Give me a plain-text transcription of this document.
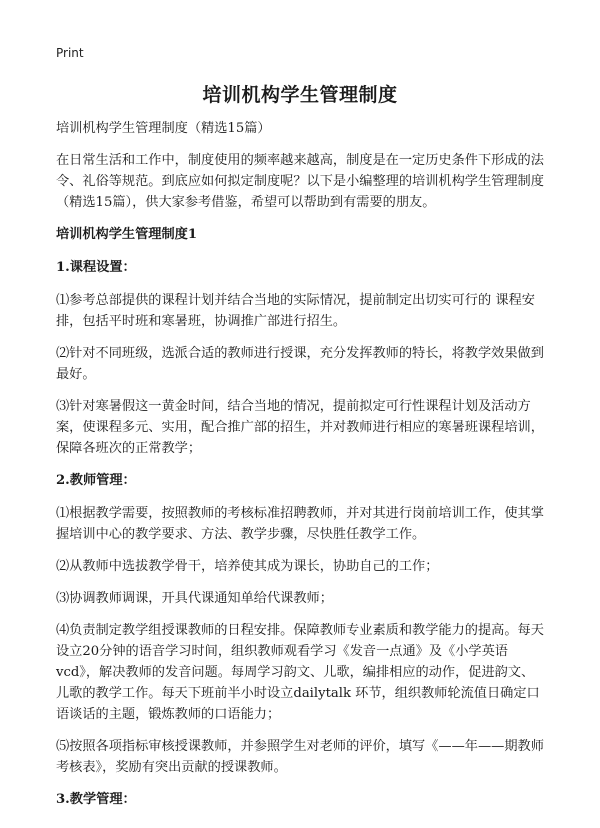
Print
培训机构学生管理制度

培训机构学生管理制度（精选15篇）

在日常生活和工作中，制度使用的频率越来越高，制度是在一定历史条件下形成的法令、礼俗等规范。到底应如何拟定制度呢？以下是小编整理的培训机构学生管理制度（精选15篇），供大家参考借鉴，希望可以帮助到有需要的朋友。

培训机构学生管理制度1

1.课程设置：

⑴参考总部提供的课程计划并结合当地的实际情况，提前制定出切实可行的 课程安排，包括平时班和寒暑班，协调推广部进行招生。

⑵针对不同班级，选派合适的教师进行授课，充分发挥教师的特长，将教学效果做到最好。

⑶针对寒暑假这一黄金时间，结合当地的情况，提前拟定可行性课程计划及活动方案，使课程多元、实用，配合推广部的招生，并对教师进行相应的寒暑班课程培训，保障各班次的正常教学；

2.教师管理：

⑴根据教学需要，按照教师的考核标准招聘教师，并对其进行岗前培训工作，使其掌握培训中心的教学要求、方法、教学步骤，尽快胜任教学工作。

⑵从教师中选拔教学骨干，培养使其成为课长，协助自己的工作；

⑶协调教师调课，开具代课通知单给代课教师；

⑷负责制定教学组授课教师的日程安排。保障教师专业素质和教学能力的提高。每天设立20分钟的语音学习时间，组织教师观看学习《发音一点通》及《小学英语vcd》，解决教师的发音问题。每周学习韵文、儿歌，编排相应的动作，促进韵文、儿歌的教学工作。每天下班前半小时设立dailytalk 环节，组织教师轮流值日确定口语谈话的主题，锻炼教师的口语能力；

⑸按照各项指标审核授课教师，并参照学生对老师的评价，填写《——年——期教师考核表》，奖励有突出贡献的授课教师。

3.教学管理：
